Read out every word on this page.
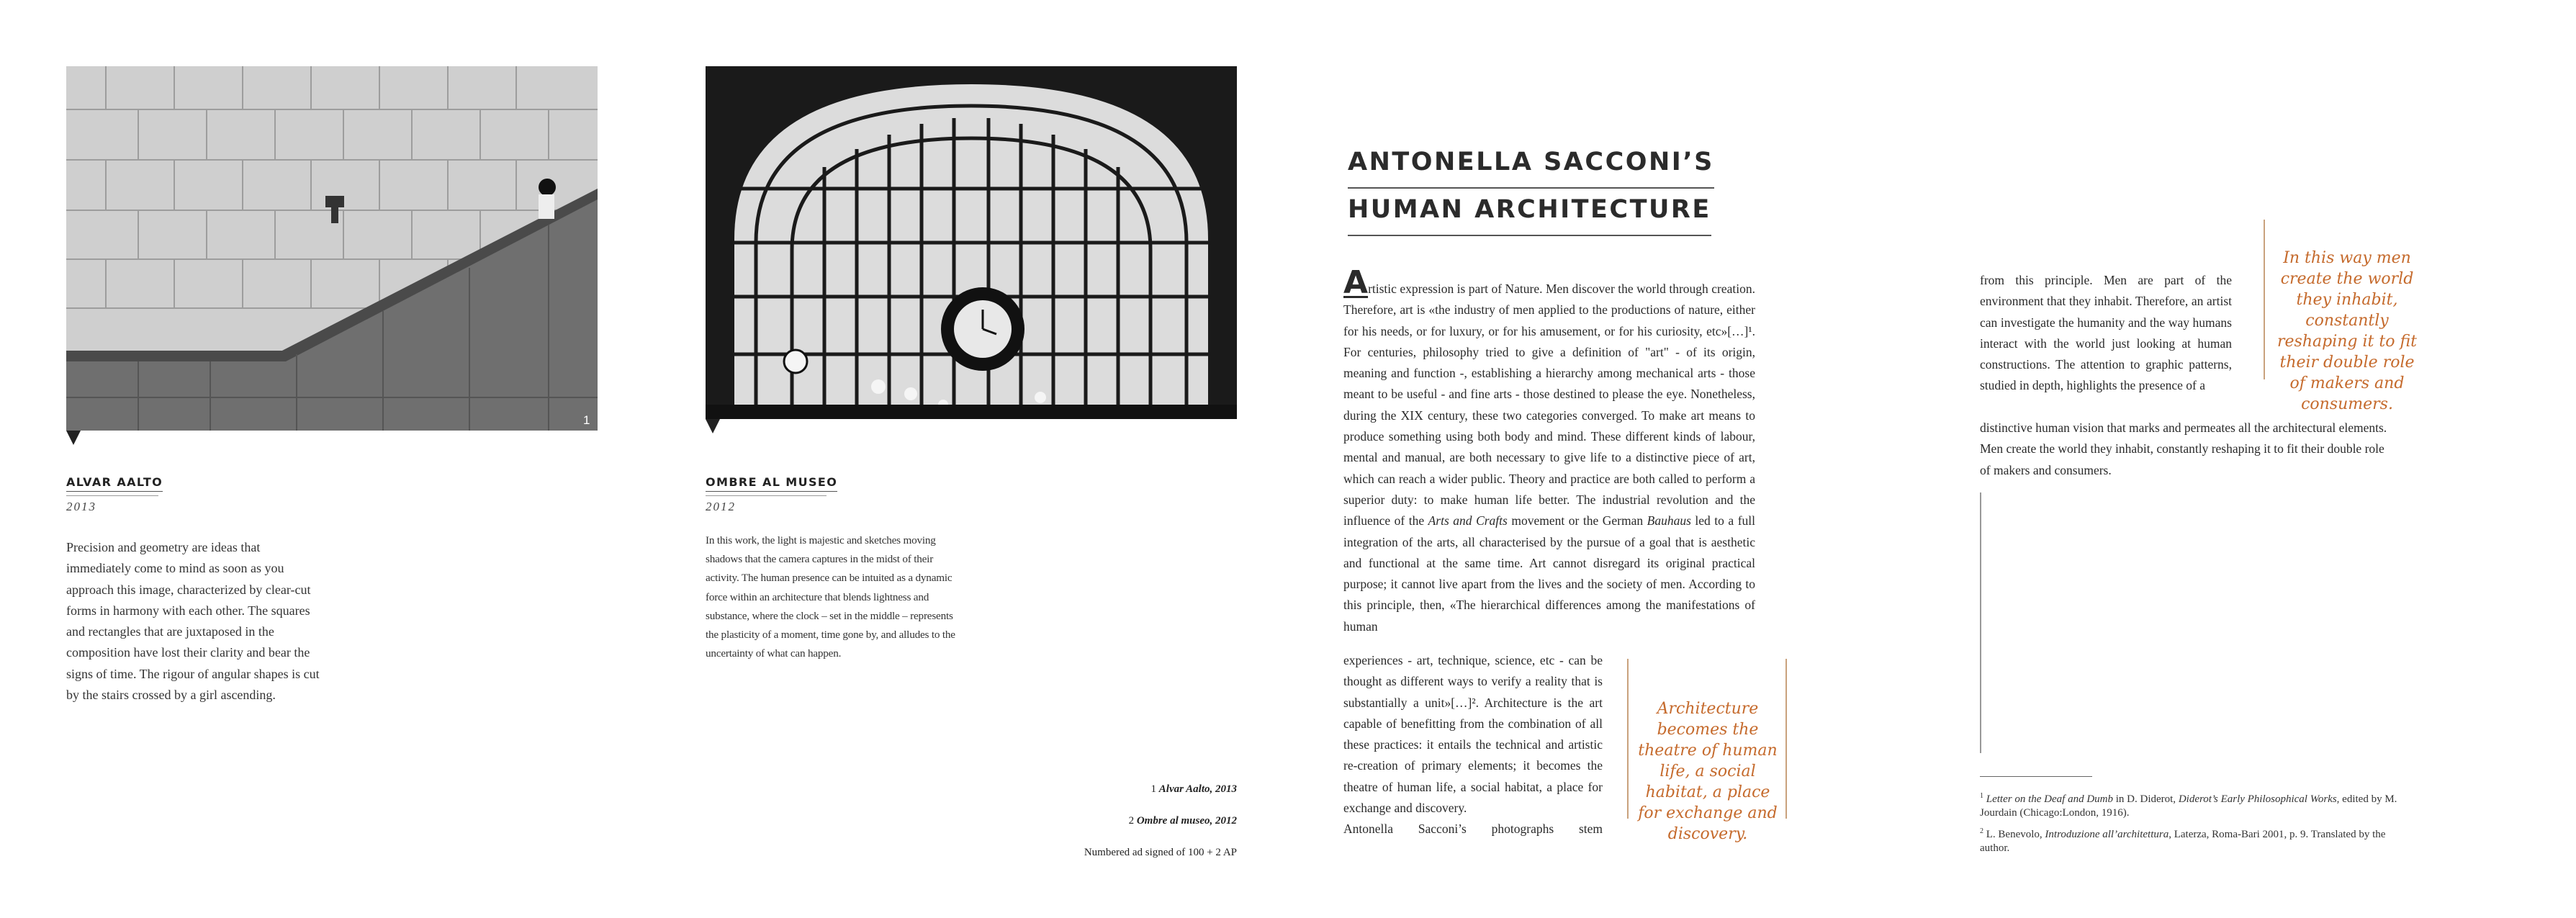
1
ALVAR AALTO
2013

Precision and geometry are ideas that immediately come to mind as soon as you approach this image, characterized by clear-cut forms in harmony with each other. The squares and rectangles that are juxtaposed in the composition have lost their clarity and bear the signs of time. The rigour of angular shapes is cut by the stairs crossed by a girl ascending.

OMBRE AL MUSEO
2012

In this work, the light is majestic and sketches moving shadows that the camera captures in the midst of their activity. The human presence can be intuited as a dynamic force within an architecture that blends lightness and substance, where the clock – set in the middle – represents the plasticity of a moment, time gone by, and alludes to the uncertainty of what can happen.

1 Alvar Aalto, 2013
2 Ombre al museo, 2012
Numbered ad signed of 100 + 2 AP
ANTONELLA SACCONI’S
HUMAN ARCHITECTURE

Artistic expression is part of Nature. Men discover the world through creation. Therefore, art is «the industry of men applied to the productions of nature, either for his needs, or for luxury, or for his amusement, or for his curiosity, etc»[…]¹. For centuries, philosophy tried to give a definition of "art" - of its origin, meaning and function -, establishing a hierarchy among mechanical arts - those meant to be useful - and fine arts - those destined to please the eye. Nonetheless, during the XIX century, these two categories converged. To make art means to produce something using both body and mind. These different kinds of labour, mental and manual, are both necessary to give life to a distinctive piece of art, which can reach a wider public. Theory and practice are both called to perform a superior duty: to make human life better. The industrial revolution and the influence of the Arts and Crafts movement or the German Bauhaus led to a full integration of the arts, all characterised by the pursue of a goal that is aesthetic and functional at the same time. Art cannot disregard its original practical purpose; it cannot live apart from the lives and the society of men. According to this principle, then, «The hierarchical differences among the manifestations of human

experiences - art, technique, science, etc - can be thought as different ways to verify a reality that is substantially a unit»[…]². Architecture is the art capable of benefitting from the combination of all these practices: it entails the technical and artistic re-creation of primary elements; it becomes the theatre of human life, a social habitat, a place for exchange and discovery.

Antonella Sacconi’s photographs stem

Architecture becomes the theatre of human life, a social habitat, a place for exchange and discovery.

from this principle. Men are part of the environment that they inhabit. Therefore, an artist can investigate the humanity and the way humans interact with the world just looking at human constructions. The attention to graphic patterns, studied in depth, highlights the presence of a

distinctive human vision that marks and permeates all the architectural elements. Men create the world they inhabit, constantly reshaping it to fit their double role of makers and consumers.

In this way men create the world they inhabit, constantly reshaping it to fit their double role of makers and consumers.

$^1$ Letter on the Deaf and Dumb in D. Diderot, Diderot’s Early Philosophical Works, edited by M. Jourdain (Chicago:London, 1916).

$^2$ L. Benevolo, Introduzione all’architettura, Laterza, Roma-Bari 2001, p. 9. Translated by the author.
